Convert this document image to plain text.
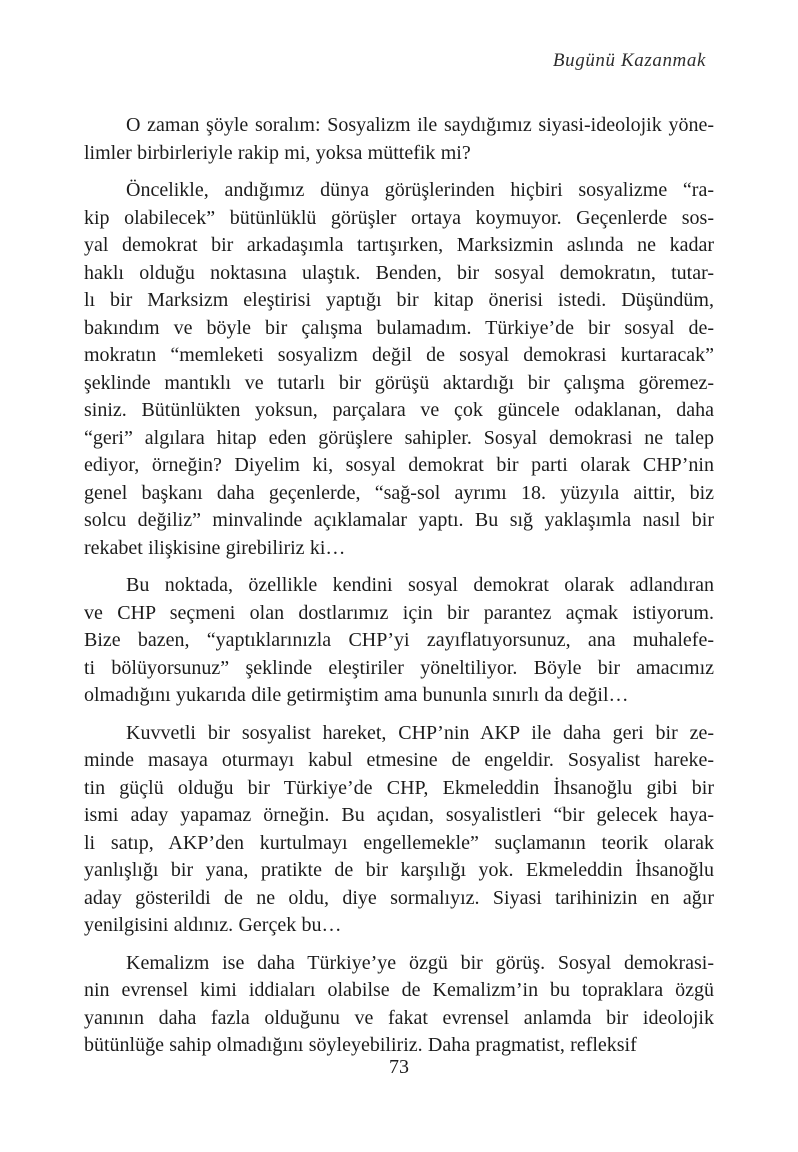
Bugünü Kazanmak
O zaman şöyle soralım: Sosyalizm ile saydığımız siyasi-ideolojik yöne-
limler birbirleriyle rakip mi, yoksa müttefik mi?
Öncelikle, andığımız dünya görüşlerinden hiçbiri sosyalizme “ra-
kip olabilecek” bütünlüklü görüşler ortaya koymuyor. Geçenlerde sos-
yal demokrat bir arkadaşımla tartışırken, Marksizmin aslında ne kadar
haklı olduğu noktasına ulaştık. Benden, bir sosyal demokratın, tutar-
lı bir Marksizm eleştirisi yaptığı bir kitap önerisi istedi. Düşündüm,
bakındım ve böyle bir çalışma bulamadım. Türkiye’de bir sosyal de-
mokratın “memleketi sosyalizm değil de sosyal demokrasi kurtaracak”
şeklinde mantıklı ve tutarlı bir görüşü aktardığı bir çalışma göremez-
siniz. Bütünlükten yoksun, parçalara ve çok güncele odaklanan, daha
“geri” algılara hitap eden görüşlere sahipler. Sosyal demokrasi ne talep
ediyor, örneğin? Diyelim ki, sosyal demokrat bir parti olarak CHP’nin
genel başkanı daha geçenlerde, “sağ-sol ayrımı 18. yüzyıla aittir, biz
solcu değiliz” minvalinde açıklamalar yaptı. Bu sığ yaklaşımla nasıl bir
rekabet ilişkisine girebiliriz ki…
Bu noktada, özellikle kendini sosyal demokrat olarak adlandıran
ve CHP seçmeni olan dostlarımız için bir parantez açmak istiyorum.
Bize bazen, “yaptıklarınızla CHP’yi zayıflatıyorsunuz, ana muhalefe-
ti bölüyorsunuz” şeklinde eleştiriler yöneltiliyor. Böyle bir amacımız
olmadığını yukarıda dile getirmiştim ama bununla sınırlı da değil…
Kuvvetli bir sosyalist hareket, CHP’nin AKP ile daha geri bir ze-
minde masaya oturmayı kabul etmesine de engeldir. Sosyalist hareke-
tin güçlü olduğu bir Türkiye’de CHP, Ekmeleddin İhsanoğlu gibi bir
ismi aday yapamaz örneğin. Bu açıdan, sosyalistleri “bir gelecek haya-
li satıp, AKP’den kurtulmayı engellemekle” suçlamanın teorik olarak
yanlışlığı bir yana, pratikte de bir karşılığı yok. Ekmeleddin İhsanoğlu
aday gösterildi de ne oldu, diye sormalıyız. Siyasi tarihinizin en ağır
yenilgisini aldınız. Gerçek bu…
Kemalizm ise daha Türkiye’ye özgü bir görüş. Sosyal demokrasi-
nin evrensel kimi iddiaları olabilse de Kemalizm’in bu topraklara özgü
yanının daha fazla olduğunu ve fakat evrensel anlamda bir ideolojik
bütünlüğe sahip olmadığını söyleyebiliriz. Daha pragmatist, refleksif
73
